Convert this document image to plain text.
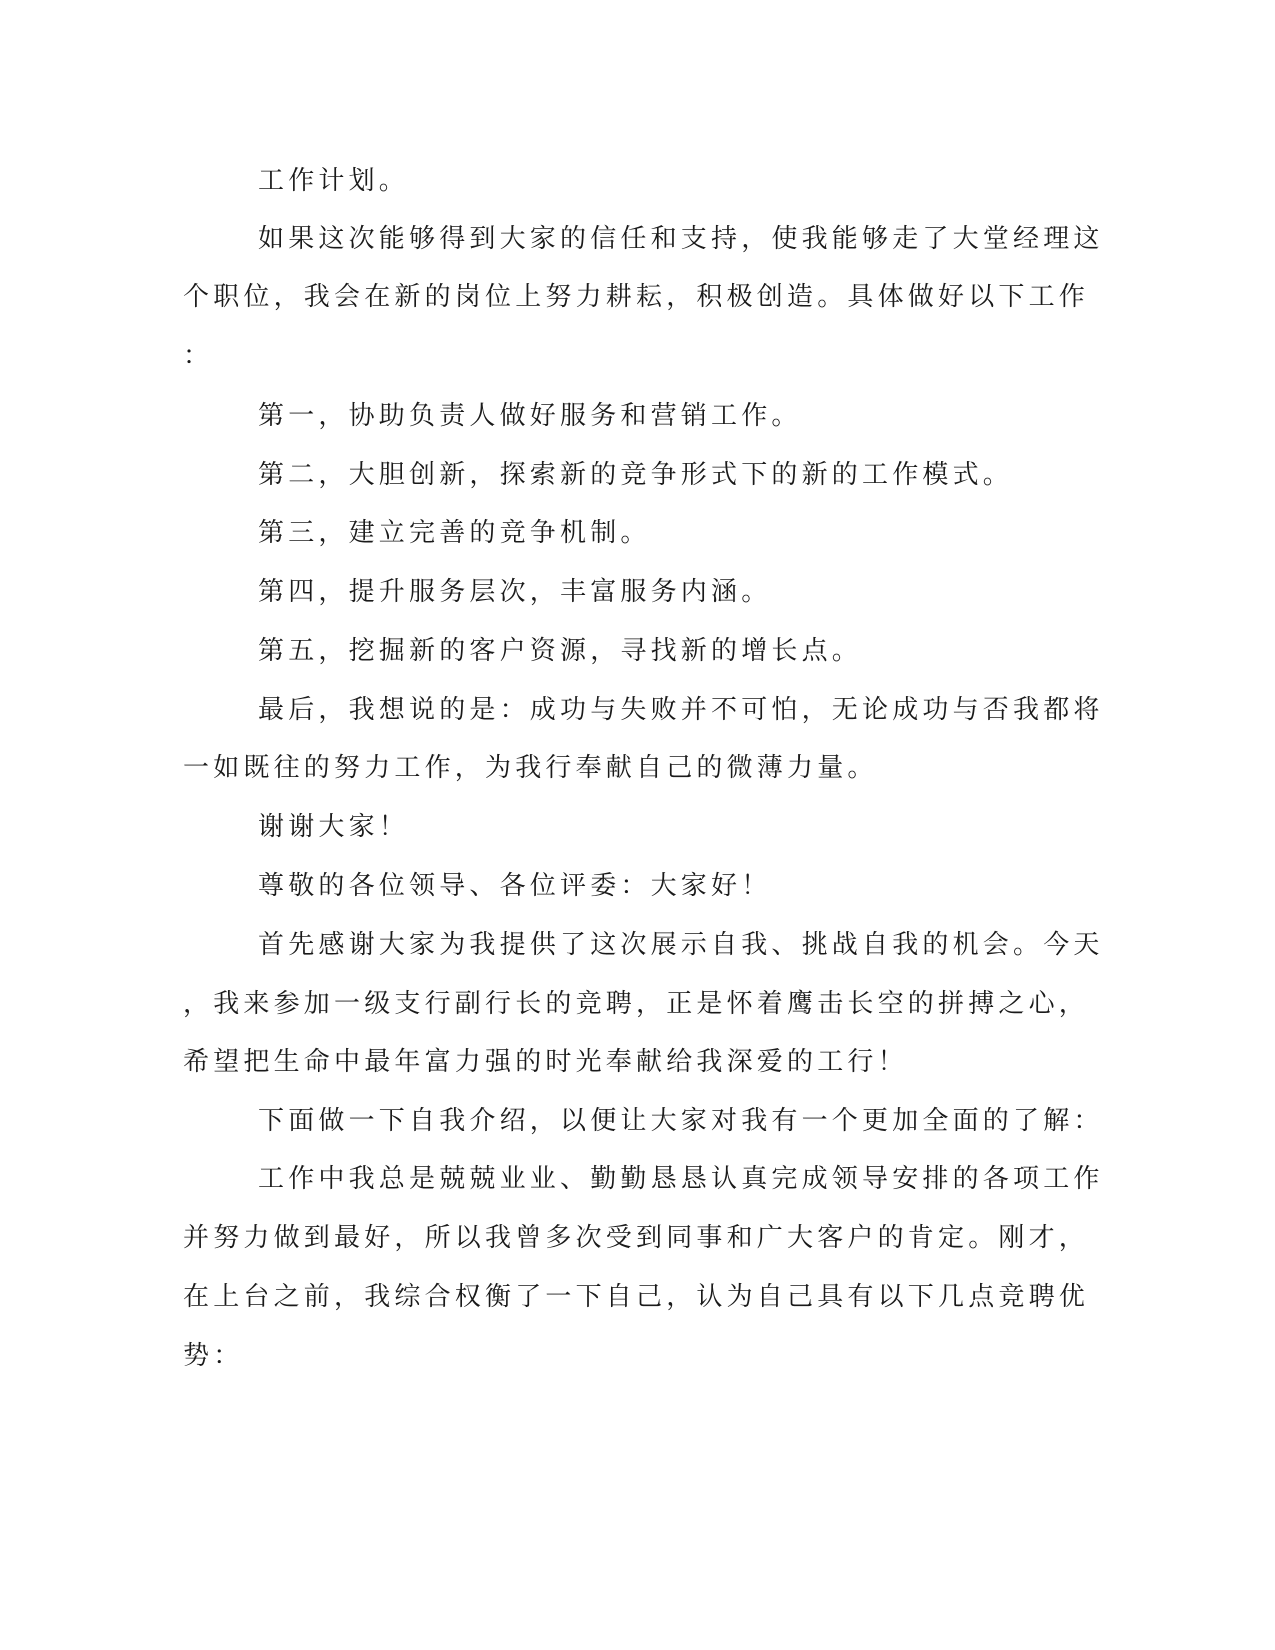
工作计划。

如果这次能够得到大家的信任和支持，使我能够走了大堂经理这

个职位，我会在新的岗位上努力耕耘，积极创造。具体做好以下工作

：

第一，协助负责人做好服务和营销工作。

第二，大胆创新，探索新的竞争形式下的新的工作模式。

第三，建立完善的竞争机制。

第四，提升服务层次，丰富服务内涵。

第五，挖掘新的客户资源，寻找新的增长点。

最后，我想说的是：成功与失败并不可怕，无论成功与否我都将

一如既往的努力工作，为我行奉献自己的微薄力量。

谢谢大家！

尊敬的各位领导、各位评委：大家好！

首先感谢大家为我提供了这次展示自我、挑战自我的机会。今天

，我来参加一级支行副行长的竞聘，正是怀着鹰击长空的拼搏之心，

希望把生命中最年富力强的时光奉献给我深爱的工行！

下面做一下自我介绍，以便让大家对我有一个更加全面的了解：

工作中我总是兢兢业业、勤勤恳恳认真完成领导安排的各项工作

并努力做到最好，所以我曾多次受到同事和广大客户的肯定。刚才，

在上台之前，我综合权衡了一下自己，认为自己具有以下几点竞聘优

势：
